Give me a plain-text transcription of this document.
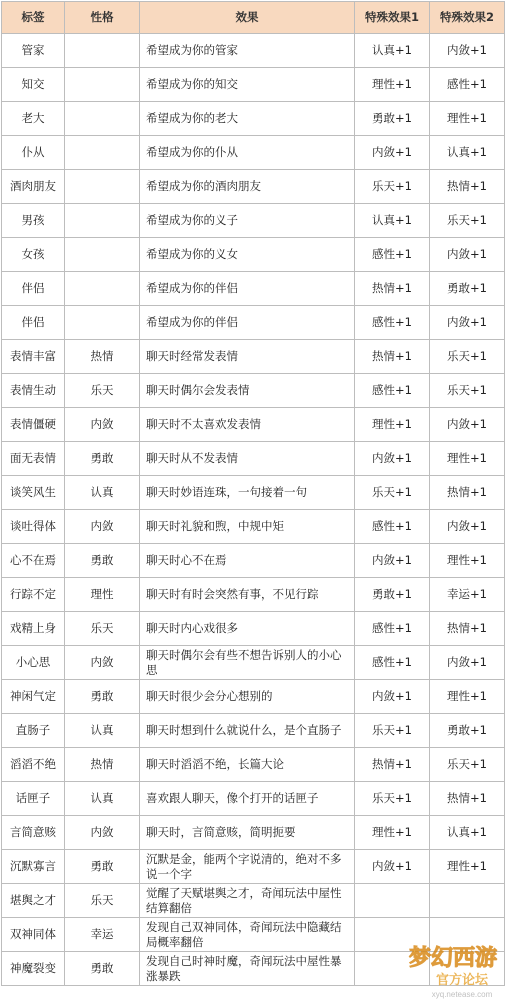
标签	性格	效果	特殊效果1	特殊效果2
管家		希望成为你的管家	认真+1	内敛+1
知交		希望成为你的知交	理性+1	感性+1
老大		希望成为你的老大	勇敢+1	理性+1
仆从		希望成为你的仆从	内敛+1	认真+1
酒肉朋友		希望成为你的酒肉朋友	乐天+1	热情+1
男孩		希望成为你的义子	认真+1	乐天+1
女孩		希望成为你的义女	感性+1	内敛+1
伴侣		希望成为你的伴侣	热情+1	勇敢+1
伴侣		希望成为你的伴侣	感性+1	内敛+1
表情丰富	热情	聊天时经常发表情	热情+1	乐天+1
表情生动	乐天	聊天时偶尔会发表情	感性+1	乐天+1
表情僵硬	内敛	聊天时不太喜欢发表情	理性+1	内敛+1
面无表情	勇敢	聊天时从不发表情	内敛+1	理性+1
谈笑风生	认真	聊天时妙语连珠，一句接着一句	乐天+1	热情+1
谈吐得体	内敛	聊天时礼貌和煦，中规中矩	感性+1	内敛+1
心不在焉	勇敢	聊天时心不在焉	内敛+1	理性+1
行踪不定	理性	聊天时有时会突然有事，不见行踪	勇敢+1	幸运+1
戏精上身	乐天	聊天时内心戏很多	感性+1	热情+1
小心思	内敛	聊天时偶尔会有些不想告诉别人的小心思	感性+1	内敛+1
神闲气定	勇敢	聊天时很少会分心想别的	内敛+1	理性+1
直肠子	认真	聊天时想到什么就说什么，是个直肠子	乐天+1	勇敢+1
滔滔不绝	热情	聊天时滔滔不绝，长篇大论	热情+1	乐天+1
话匣子	认真	喜欢跟人聊天，像个打开的话匣子	乐天+1	热情+1
言简意赅	内敛	聊天时，言简意赅，简明扼要	理性+1	认真+1
沉默寡言	勇敢	沉默是金，能两个字说清的，绝对不多说一个字	内敛+1	理性+1
堪舆之才	乐天	觉醒了天赋堪舆之才，奇闻玩法中屋性结算翻倍		
双神同体	幸运	发现自己双神同体，奇闻玩法中隐藏结局概率翻倍		
神魔裂变	勇敢	发现自己时神时魔，奇闻玩法中屋性暴涨暴跌		
梦幻西游
官方论坛
xyq.netease.com
